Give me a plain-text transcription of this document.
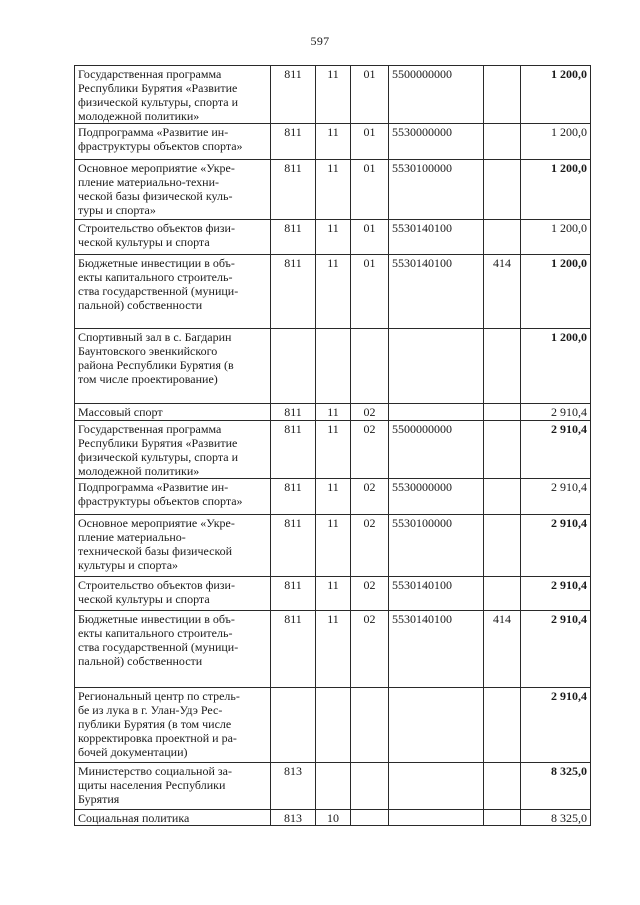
597
Государственная программа
Республики Бурятия «Развитие
физической культуры, спорта и
молодежной политики»	811	11	01	5500000000		1 200,0

Подпрограмма «Развитие ин-
фраструктуры объектов спорта»	811	11	01	5530000000		1 200,0

Основное мероприятие «Укре-
пление материально-техни-
ческой базы физической куль-
туры и спорта»	811	11	01	5530100000		1 200,0

Строительство объектов физи-
ческой культуры и спорта	811	11	01	5530140100		1 200,0

Бюджетные инвестиции в объ-
екты капитального строитель-
ства государственной (муници-
пальной) собственности	811	11	01	5530140100	414	1 200,0

Спортивный зал в с. Багдарин
Баунтовского эвенкийского
района Республики Бурятия (в
том числе проектирование)						1 200,0

Массовый спорт	811	11	02			2 910,4

Государственная программа
Республики Бурятия «Развитие
физической культуры, спорта и
молодежной политики»	811	11	02	5500000000		2 910,4

Подпрограмма «Развитие ин-
фраструктуры объектов спорта»	811	11	02	5530000000		2 910,4

Основное мероприятие «Укре-
пление материально-
технической базы физической
культуры и спорта»	811	11	02	5530100000		2 910,4

Строительство объектов физи-
ческой культуры и спорта	811	11	02	5530140100		2 910,4

Бюджетные инвестиции в объ-
екты капитального строитель-
ства государственной (муници-
пальной) собственности	811	11	02	5530140100	414	2 910,4

Региональный центр по стрель-
бе из лука в г. Улан-Удэ Рес-
публики Бурятия (в том числе
корректировка проектной и ра-
бочей документации)						2 910,4

Министерство социальной за-
щиты населения Республики
Бурятия	813					8 325,0

Социальная политика	813	10				8 325,0
